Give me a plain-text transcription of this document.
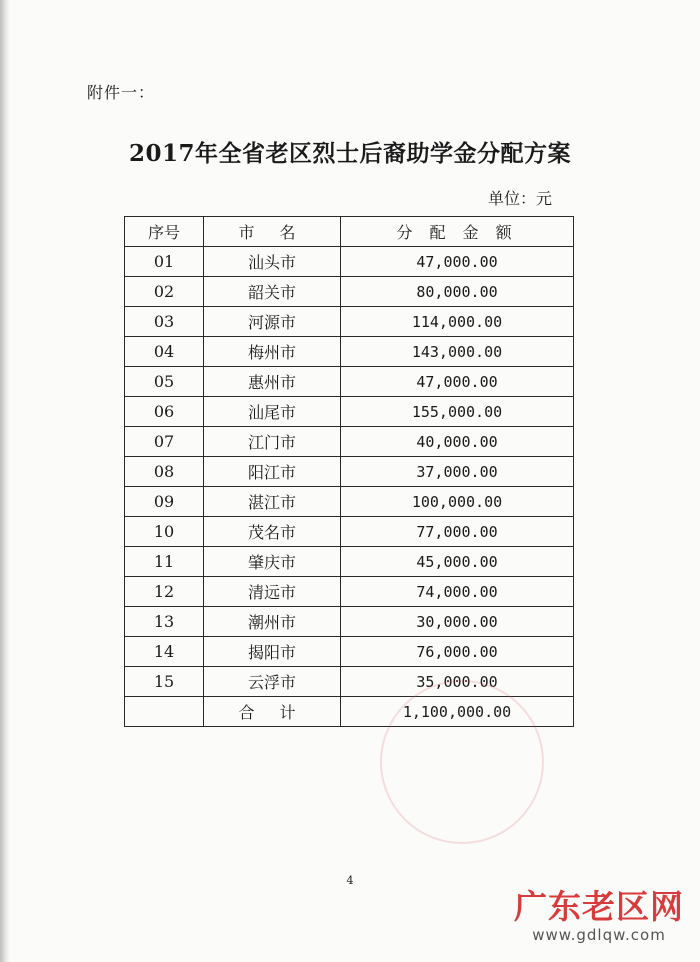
附件一：
2017年全省老区烈士后裔助学金分配方案
单位：元
序号	市 名	分 配 金 额
01	汕头市	47,000.00
02	韶关市	80,000.00
03	河源市	114,000.00
04	梅州市	143,000.00
05	惠州市	47,000.00
06	汕尾市	155,000.00
07	江门市	40,000.00
08	阳江市	37,000.00
09	湛江市	100,000.00
10	茂名市	77,000.00
11	肇庆市	45,000.00
12	清远市	74,000.00
13	潮州市	30,000.00
14	揭阳市	76,000.00
15	云浮市	35,000.00
	合 计	1,100,000.00
4
广东老区网
www.gdlqw.com
